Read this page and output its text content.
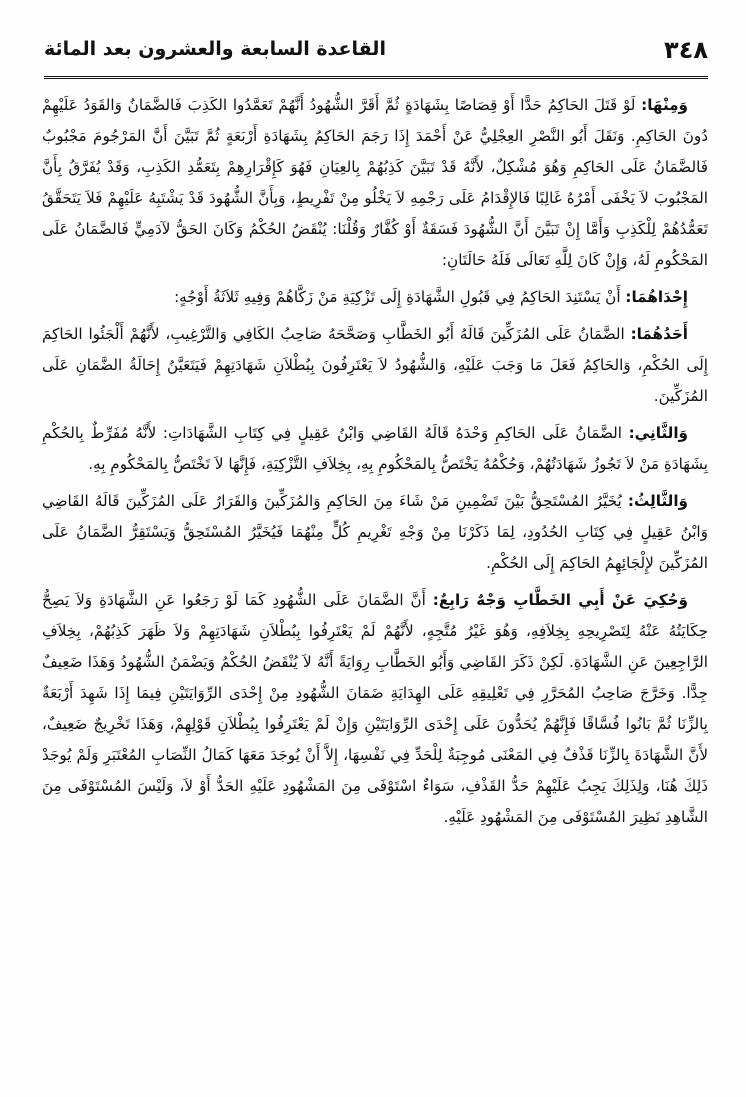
٣٤٨
القاعدة السابعة والعشرون بعد المائة

وَمِنْهَا: لَوْ قَتَلَ الحَاكِمُ حَدًّا أَوْ قِصَاصًا بِشَهَادَةٍ ثُمَّ أَقَرَّ الشُّهُودُ أَنَّهُمْ تَعَمَّدُوا الكَذِبَ فَالضَّمَانُ وَالقَوَدُ عَلَيْهِمْ دُونَ الحَاكِمِ. وَنَقَلَ أَبُو النَّصْرِ العِجْلِيُّ عَنْ أَحْمَدَ إِذَا رَجَمَ الحَاكِمُ بِشَهَادَةِ أَرْبَعَةٍ ثُمَّ تَبَيَّنَ أَنَّ المَرْجُومَ مَجْبُوبٌ فَالضَّمَانُ عَلَى الحَاكِمِ وَهُوَ مُشْكِلٌ، لأَنَّهُ قَدْ تَبَيَّنَ كَذِبُهُمْ بِالعِيَانِ فَهُوَ كَإِقْرَارِهِمْ بِتَعَمُّدِ الكَذِبِ، وَقَدْ يُفَرَّقُ بِأَنَّ المَجْبُوبَ لاَ يَخْفَى أَمْرُهُ غَالِبًا فَالإِقْدَامُ عَلَى رَجْمِهِ لاَ يَخْلُو مِنْ تَفْرِيطٍ، وَبِأَنَّ الشُّهُودَ قَدْ يَشْتَبِهُ عَلَيْهِمْ فَلاَ يَتَحَقَّقُ تَعَمُّدُهُمْ لِلْكَذِبِ وَأَمَّا إِنْ تَبَيَّنَ أَنَّ الشُّهُودَ فَسَقَةٌ أَوْ كُفَّارٌ وَقُلْنَا: يُنْقَضُ الحُكْمُ وَكَانَ الحَقُّ لآدَمِيٍّ فَالضَّمَانُ عَلَى المَحْكُومِ لَهُ، وَإِنْ كَانَ لِلَّهِ تَعَالَى فَلَهُ حَالَتَانِ:

إِحْدَاهُمَا: أَنْ يَسْتَنِدَ الحَاكِمُ فِي قَبُولِ الشَّهَادَةِ إِلَى تَزْكِيَةِ مَنْ زَكَّاهُمْ وَفِيهِ ثَلاَثَةُ أَوْجُهٍ:

أَحَدُهُمَا: الضَّمَانُ عَلَى المُزَكِّينَ قَالَهُ أَبُو الخَطَّابِ وَصَحَّحَهُ صَاحِبُ الكَافِي وَالتَّرْغِيبِ، لأَنَّهُمْ أَلْجَئُوا الحَاكِمَ إِلَى الحُكْمِ، وَالحَاكِمُ فَعَلَ مَا وَجَبَ عَلَيْهِ، وَالشُّهُودُ لاَ يَعْتَرِفُونَ بِبُطْلاَنِ شَهَادَتِهِمْ فَيَتَعَيَّنُ إِحَالَةُ الضَّمَانِ عَلَى المُزَكِّينَ.

وَالثَّانِي: الضَّمَانُ عَلَى الحَاكِمِ وَحْدَهُ قَالَهُ القَاضِي وَابْنُ عَقِيلٍ فِي كِتَابِ الشَّهَادَاتِ: لأَنَّهُ مُفَرِّطٌ بِالحُكْمِ بِشَهَادَةِ مَنْ لاَ تَجُوزُ شَهَادَتُهُمْ، وَحُكْمُهُ يَخْتَصُّ بِالمَحْكُومِ بِهِ، بِخِلاَفِ التَّزْكِيَةِ، فَإِنَّهَا لاَ تَخْتَصُّ بِالمَحْكُومِ بِهِ.

وَالثَّالِثُ: يُخَيَّرُ المُسْتَحِقُّ بَيْنَ تَضْمِينِ مَنْ شَاءَ مِنَ الحَاكِمِ وَالمُزَكِّينَ وَالقَرَارُ عَلَى المُزَكِّينَ قَالَهُ القَاضِي وَابْنُ عَقِيلٍ فِي كِتَابِ الحُدُودِ، لِمَا ذَكَرْنَا مِنْ وَجْهِ تَغْرِيمِ كُلٍّ مِنْهُمَا فَيُخَيَّرُ المُسْتَحِقُّ وَيَسْتَقِرُّ الضَّمَانُ عَلَى المُزَكِّينَ لإِلْجَائِهِمُ الحَاكِمَ إِلَى الحُكْمِ.

وَحُكِيَ عَنْ أَبِي الخَطَّابِ وَجْهٌ رَابِعٌ: أَنَّ الضَّمَانَ عَلَى الشُّهُودِ كَمَا لَوْ رَجَعُوا عَنِ الشَّهَادَةِ وَلاَ يَصِحُّ حِكَايَتُهُ عَنْهُ لِتَصْرِيحِهِ بِخِلاَفِهِ، وَهُوَ غَيْرُ مُتَّجِهٍ، لأَنَّهُمْ لَمْ يَعْتَرِفُوا بِبُطْلاَنِ شَهَادَتِهِمْ وَلاَ ظَهَرَ كَذِبُهُمْ، بِخِلاَفِ الرَّاجِعِينَ عَنِ الشَّهَادَةِ. لَكِنْ ذَكَرَ القَاضِي وَأَبُو الخَطَّابِ رِوَايَةً أَنَّهُ لاَ يُنْقَضُ الحُكْمُ وَيَضْمَنُ الشُّهُودُ وَهَذَا ضَعِيفٌ جِدًّا. وَخَرَّجَ صَاحِبُ المُحَرَّرِ فِي تَعْلِيقِهِ عَلَى الهِدَايَةِ ضَمَانَ الشُّهُودِ مِنْ إِحْدَى الرِّوَايَتَيْنِ فِيمَا إِذَا شَهِدَ أَرْبَعَةٌ بِالزِّنَا ثُمَّ بَانُوا فُسَّاقًا فَإِنَّهُمْ يُحَدُّونَ عَلَى إِحْدَى الرِّوَايَتَيْنِ وَإِنْ لَمْ يَعْتَرِفُوا بِبُطْلاَنِ قَوْلِهِمْ، وَهَذَا تَخْرِيجٌ ضَعِيفٌ، لأَنَّ الشَّهَادَةَ بِالزِّنَا قَذْفٌ فِي المَعْنَى مُوجِبَةٌ لِلْحَدِّ فِي نَفْسِهَا، إِلاَّ أَنْ يُوجَدَ مَعَهَا كَمَالُ النِّصَابِ المُعْتَبَرِ وَلَمْ يُوجَدْ ذَلِكَ هُنَا، وَلِذَلِكَ يَجِبُ عَلَيْهِمْ حَدُّ القَذْفِ، سَوَاءٌ اسْتَوْفَى مِنَ المَشْهُودِ عَلَيْهِ الحَدُّ أَوْ لاَ، وَلَيْسَ المُسْتَوْفَى مِنَ الشَّاهِدِ نَظِيرَ المُسْتَوْفَى مِنَ المَشْهُودِ عَلَيْهِ.
